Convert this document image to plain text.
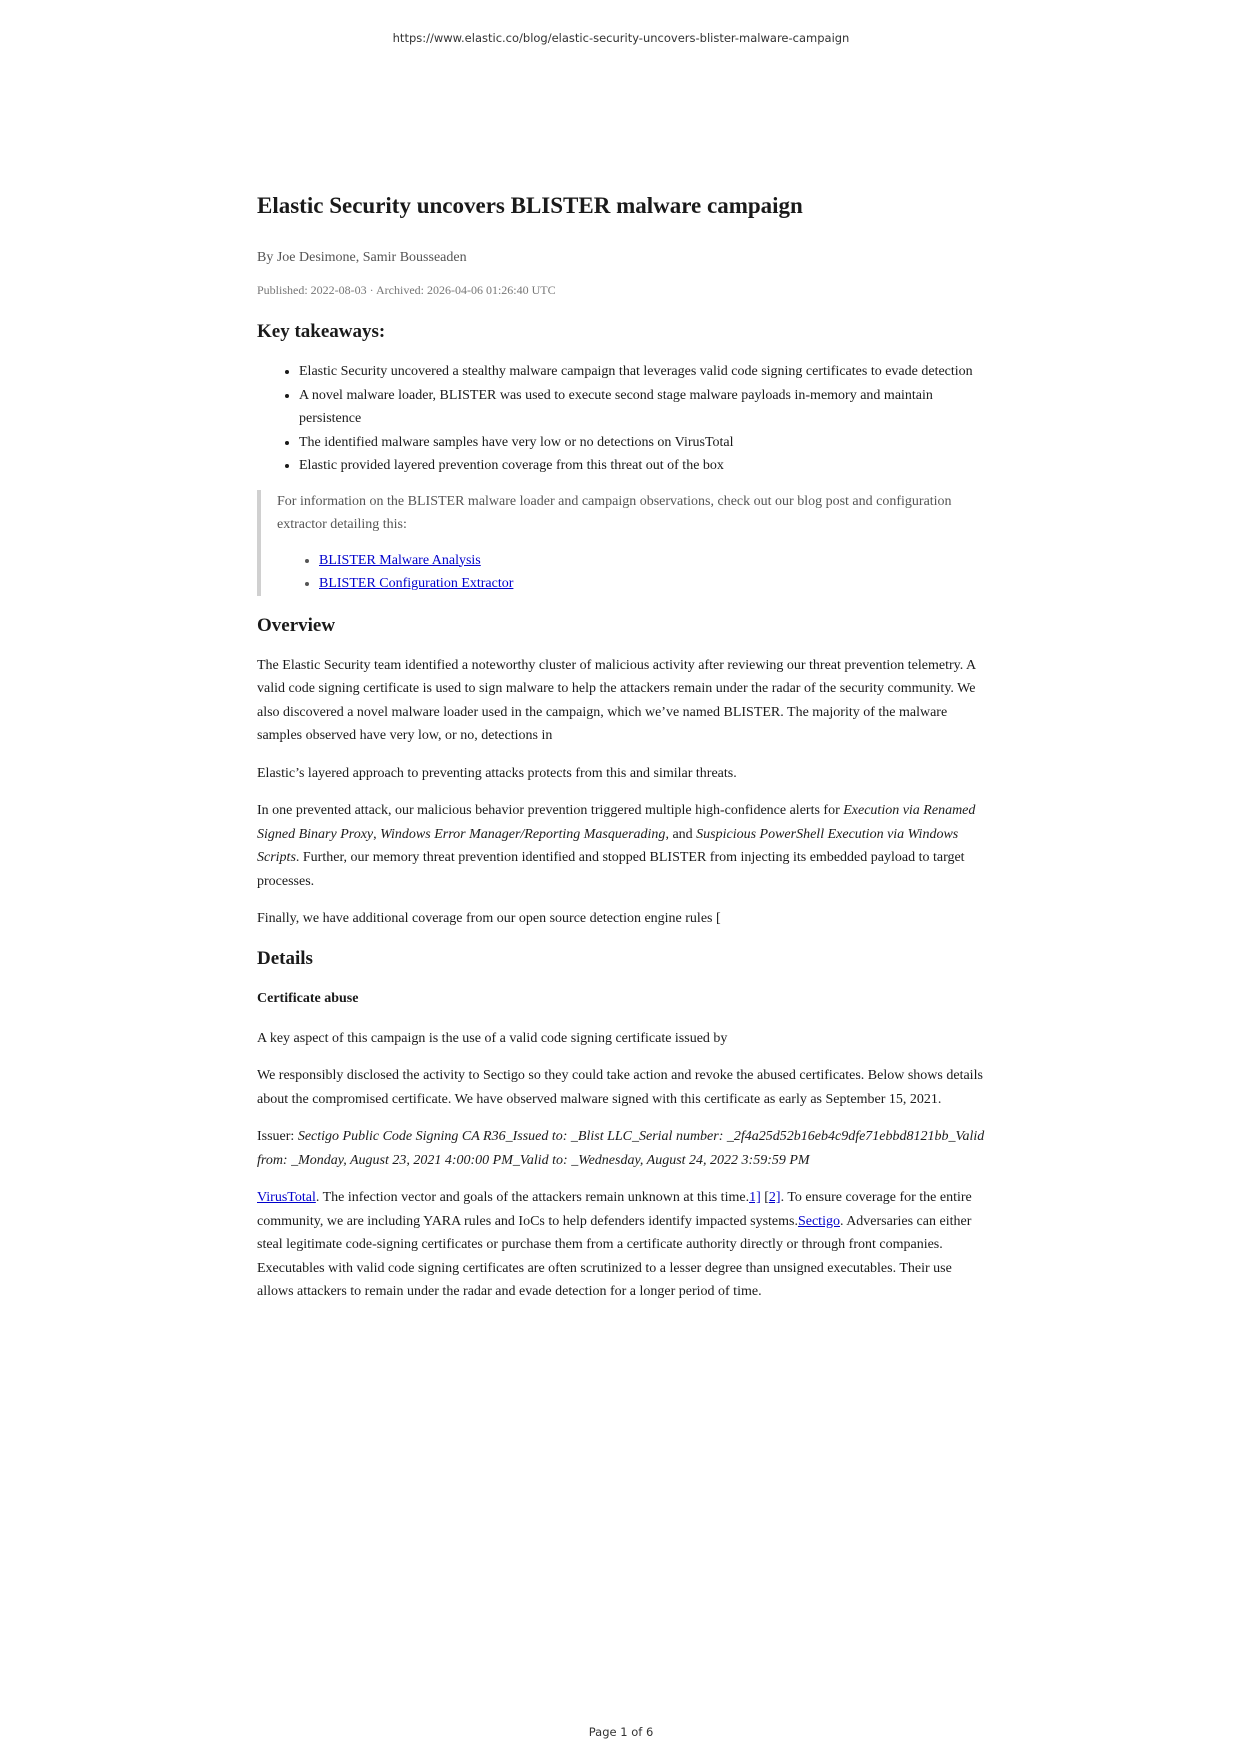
https://www.elastic.co/blog/elastic-security-uncovers-blister-malware-campaign
Elastic Security uncovers BLISTER malware campaign
By Joe Desimone, Samir Bousseaden
Published: 2022-08-03 · Archived: 2026-04-06 01:26:40 UTC
Key takeaways:
• Elastic Security uncovered a stealthy malware campaign that leverages valid code signing certificates to evade detection
• A novel malware loader, BLISTER was used to execute second stage malware payloads in-memory and maintain persistence
• The identified malware samples have very low or no detections on VirusTotal
• Elastic provided layered prevention coverage from this threat out of the box

For information on the BLISTER malware loader and campaign observations, check out our blog post and configuration extractor detailing this:

• BLISTER Malware Analysis
• BLISTER Configuration Extractor
Overview

The Elastic Security team identified a noteworthy cluster of malicious activity after reviewing our threat prevention telemetry. A valid code signing certificate is used to sign malware to help the attackers remain under the radar of the security community. We also discovered a novel malware loader used in the campaign, which we’ve named BLISTER. The majority of the malware samples observed have very low, or no, detections in

Elastic’s layered approach to preventing attacks protects from this and similar threats.

In one prevented attack, our malicious behavior prevention triggered multiple high-confidence alerts for Execution via Renamed Signed Binary Proxy, Windows Error Manager/Reporting Masquerading, and Suspicious PowerShell Execution via Windows Scripts. Further, our memory threat prevention identified and stopped BLISTER from injecting its embedded payload to target processes.

Finally, we have additional coverage from our open source detection engine rules [

Details
Certificate abuse

A key aspect of this campaign is the use of a valid code signing certificate issued by

We responsibly disclosed the activity to Sectigo so they could take action and revoke the abused certificates. Below shows details about the compromised certificate. We have observed malware signed with this certificate as early as September 15, 2021.

Issuer: Sectigo Public Code Signing CA R36_Issued to: _Blist LLC_Serial number: _2f4a25d52b16eb4c9dfe71ebbd8121bb_Valid from: _Monday, August 23, 2021 4:00:00 PM_Valid to: _Wednesday, August 24, 2022 3:59:59 PM

VirusTotal. The infection vector and goals of the attackers remain unknown at this time.1] [2]. To ensure coverage for the entire community, we are including YARA rules and IoCs to help defenders identify impacted systems.Sectigo. Adversaries can either steal legitimate code-signing certificates or purchase them from a certificate authority directly or through front companies. Executables with valid code signing certificates are often scrutinized to a lesser degree than unsigned executables. Their use allows attackers to remain under the radar and evade detection for a longer period of time.

Page 1 of 6
